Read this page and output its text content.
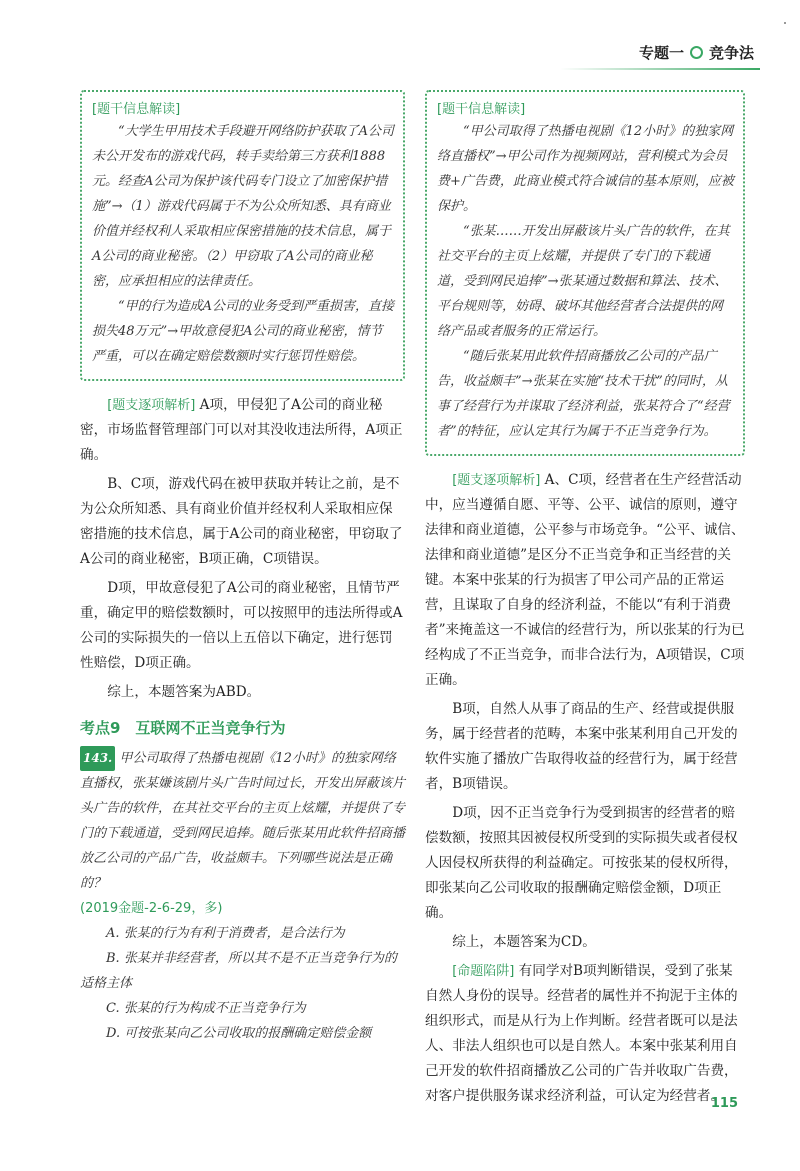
专题一 竞争法
[题干信息解读]

“大学生甲用技术手段避开网络防护获取了A公司未公开发布的游戏代码，转手卖给第三方获利1888元。经查A公司为保护该代码专门设立了加密保护措施”→（1）游戏代码属于不为公众所知悉、具有商业价值并经权利人采取相应保密措施的技术信息，属于A公司的商业秘密。（2）甲窃取了A公司的商业秘密，应承担相应的法律责任。

“甲的行为造成A公司的业务受到严重损害，直接损失48万元”→甲故意侵犯A公司的商业秘密，情节严重，可以在确定赔偿数额时实行惩罚性赔偿。

[题支逐项解析] A项，甲侵犯了A公司的商业秘密，市场监督管理部门可以对其没收违法所得，A项正确。

B、C项，游戏代码在被甲获取并转让之前，是不为公众所知悉、具有商业价值并经权利人采取相应保密措施的技术信息，属于A公司的商业秘密，甲窃取了A公司的商业秘密，B项正确，C项错误。

D项，甲故意侵犯了A公司的商业秘密，且情节严重，确定甲的赔偿数额时，可以按照甲的违法所得或A公司的实际损失的一倍以上五倍以下确定，进行惩罚性赔偿，D项正确。

综上，本题答案为ABD。

考点9　互联网不正当竞争行为

143. 甲公司取得了热播电视剧《12小时》的独家网络直播权，张某嫌该剧片头广告时间过长，开发出屏蔽该片头广告的软件，在其社交平台的主页上炫耀，并提供了专门的下载通道，受到网民追捧。随后张某用此软件招商播放乙公司的产品广告，收益颇丰。下列哪些说法是正确的？

(2019金题-2-6-29，多)

A. 张某的行为有利于消费者，是合法行为

B. 张某并非经营者，所以其不是不正当竞争行为的适格主体

C. 张某的行为构成不正当竞争行为

D. 可按张某向乙公司收取的报酬确定赔偿金额

[题干信息解读]

“甲公司取得了热播电视剧《12小时》的独家网络直播权”→甲公司作为视频网站，营利模式为会员费+广告费，此商业模式符合诚信的基本原则，应被保护。

“张某……开发出屏蔽该片头广告的软件，在其社交平台的主页上炫耀，并提供了专门的下载通道，受到网民追捧”→张某通过数据和算法、技术、平台规则等，妨碍、破坏其他经营者合法提供的网络产品或者服务的正常运行。

“随后张某用此软件招商播放乙公司的产品广告，收益颇丰”→张某在实施“技术干扰”的同时，从事了经营行为并谋取了经济利益，张某符合了“经营者”的特征，应认定其行为属于不正当竞争行为。

[题支逐项解析] A、C项，经营者在生产经营活动中，应当遵循自愿、平等、公平、诚信的原则，遵守法律和商业道德，公平参与市场竞争。“公平、诚信、法律和商业道德”是区分不正当竞争和正当经营的关键。本案中张某的行为损害了甲公司产品的正常运营，且谋取了自身的经济利益，不能以“有利于消费者”来掩盖这一不诚信的经营行为，所以张某的行为已经构成了不正当竞争，而非合法行为，A项错误，C项正确。

B项，自然人从事了商品的生产、经营或提供服务，属于经营者的范畴，本案中张某利用自己开发的软件实施了播放广告取得收益的经营行为，属于经营者，B项错误。

D项，因不正当竞争行为受到损害的经营者的赔偿数额，按照其因被侵权所受到的实际损失或者侵权人因侵权所获得的利益确定。可按张某的侵权所得，即张某向乙公司收取的报酬确定赔偿金额，D项正确。

综上，本题答案为CD。

[命题陷阱] 有同学对B项判断错误，受到了张某自然人身份的误导。经营者的属性并不拘泥于主体的组织形式，而是从行为上作判断。经营者既可以是法人、非法人组织也可以是自然人。本案中张某利用自己开发的软件招商播放乙公司的广告并收取广告费，对客户提供服务谋求经济利益，可认定为经营者。

115
